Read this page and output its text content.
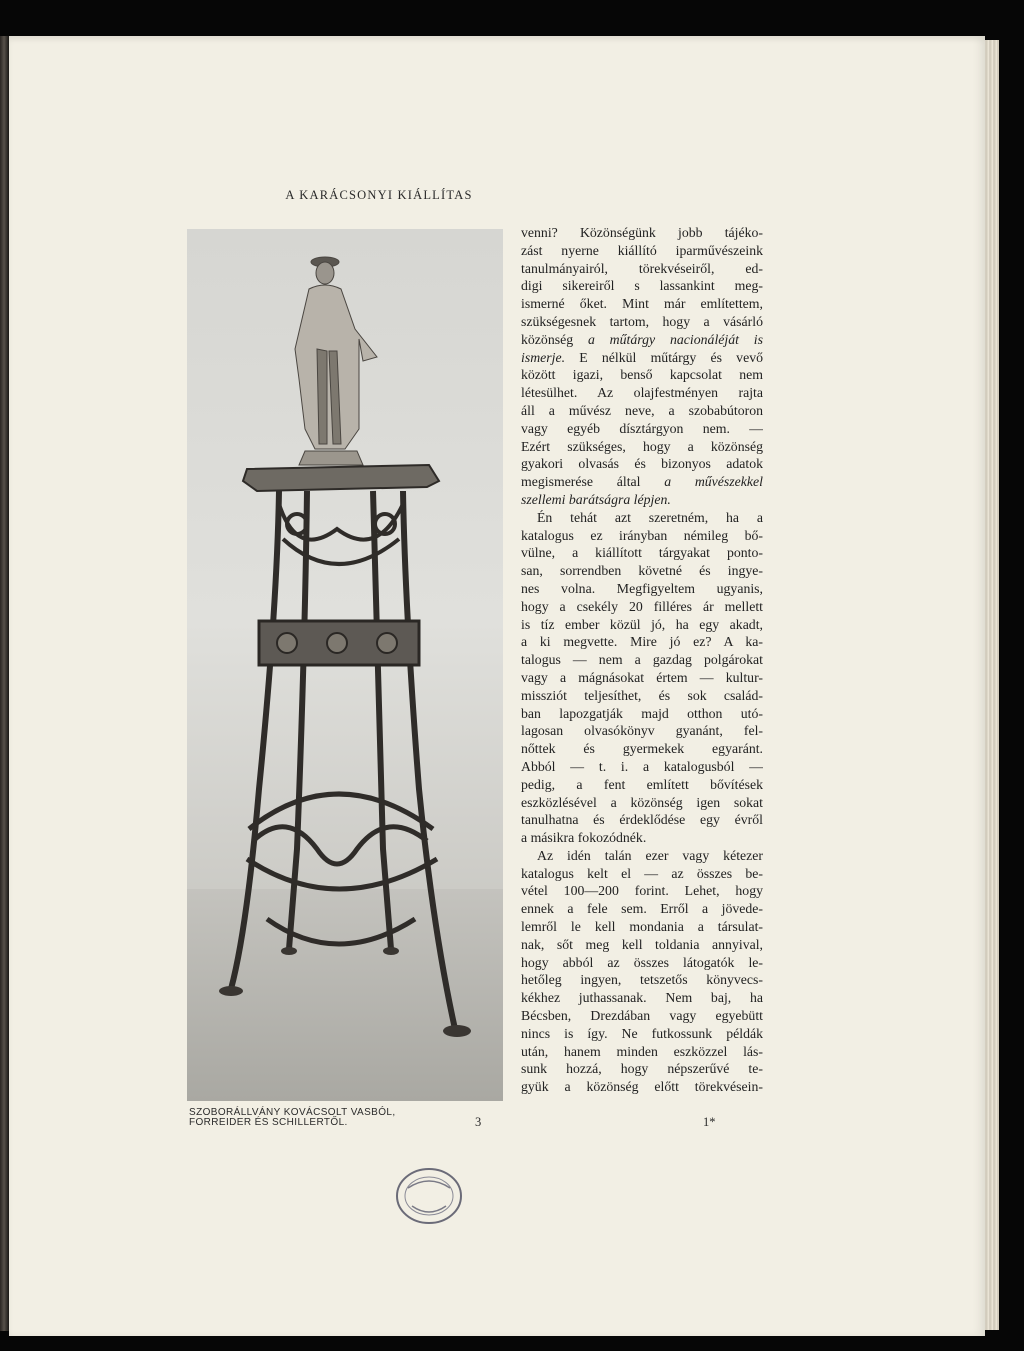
A KARÁCSONYI KIÁLLÍTAS
SZOBORÁLLVÁNY KOVÁCSOLT VASBÓL,
FORREIDER ÉS SCHILLERTŐL.	3	1*
venni? Közönségünk jobb tájéko-
zást nyerne kiállító iparművészeink
tanulmányairól, törekvéseiről, ed-
digi sikereiről s lassankint meg-
ismerné őket. Mint már említettem,
szükségesnek tartom, hogy a vásárló
közönség a műtárgy nacionáléját is
ismerje. E nélkül műtárgy és vevő
között igazi, benső kapcsolat nem
létesülhet. Az olajfestményen rajta
áll a művész neve, a szobabútoron
vagy egyéb dísztárgyon nem. —
Ezért szükséges, hogy a közönség
gyakori olvasás és bizonyos adatok
megismerése által a művészekkel
szellemi barátságra lépjen.
Én tehát azt szeretném, ha a
katalogus ez irányban némileg bő-
vülne, a kiállított tárgyakat ponto-
san, sorrendben követné és ingye-
nes volna. Megfigyeltem ugyanis,
hogy a csekély 20 filléres ár mellett
is tíz ember közül jó, ha egy akadt,
a ki megvette. Mire jó ez? A ka-
talogus — nem a gazdag polgárokat
vagy a mágnásokat értem — kultur-
missziót teljesíthet, és sok család-
ban lapozgatják majd otthon utó-
lagosan olvasókönyv gyanánt, fel-
nőttek és gyermekek egyaránt.
Abból — t. i. a katalogusból —
pedig, a fent említett bővítések
eszközlésével a közönség igen sokat
tanulhatna és érdeklődése egy évről
a másikra fokozódnék.
Az idén talán ezer vagy kétezer
katalogus kelt el — az összes be-
vétel 100—200 forint. Lehet, hogy
ennek a fele sem. Erről a jövede-
lemről le kell mondania a társulat-
nak, sőt meg kell toldania annyival,
hogy abból az összes látogatók le-
hetőleg ingyen, tetszetős könyvecs-
kékhez juthassanak. Nem baj, ha
Bécsben, Drezdában vagy egyebütt
nincs is így. Ne futkossunk példák
után, hanem minden eszközzel lás-
sunk hozzá, hogy népszerűvé te-
gyük a közönség előtt törekvésein-
